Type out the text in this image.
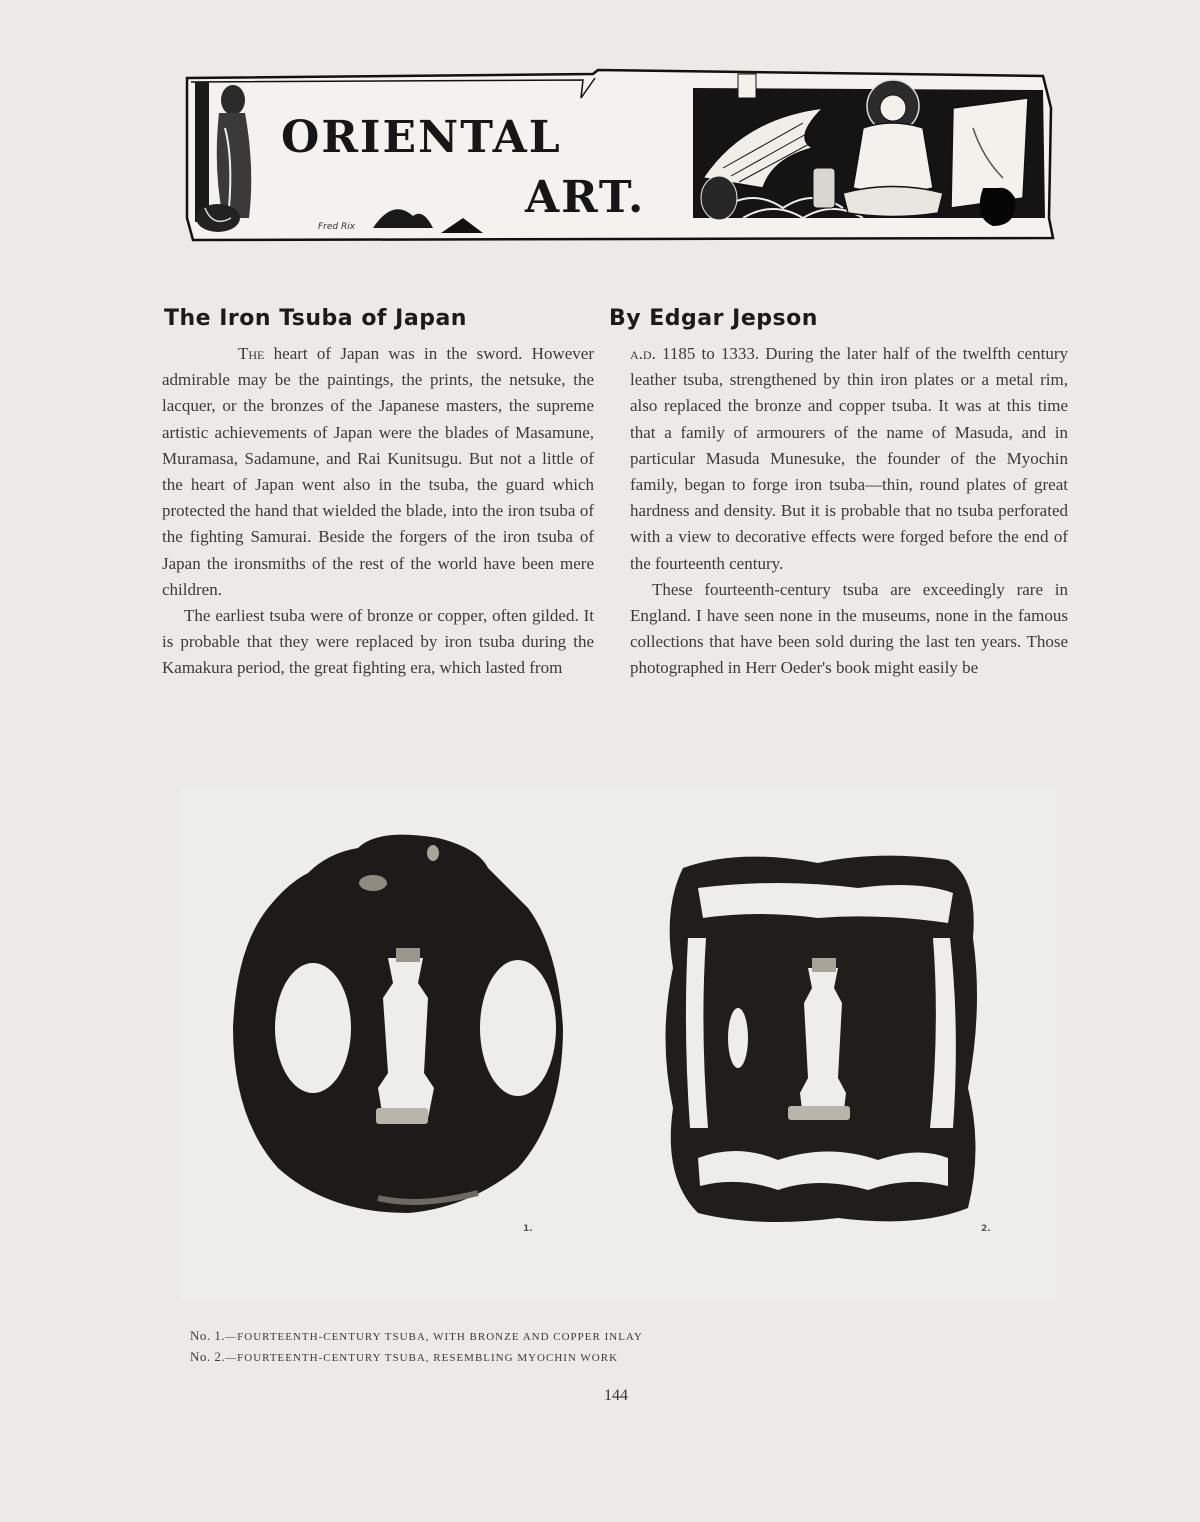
ORIENTAL
ART.
Fred Rix
The Iron Tsuba of Japan	By Edgar Jepson

The heart of Japan was in the sword. However admirable may be the paintings, the prints, the netsuke, the lacquer, or the bronzes of the Japanese masters, the supreme artistic achievements of Japan were the blades of Masamune, Muramasa, Sadamune, and Rai Kunitsugu. But not a little of the heart of Japan went also in the tsuba, the guard which protected the hand that wielded the blade, into the iron tsuba of the fighting Samurai. Beside the forgers of the iron tsuba of Japan the ironsmiths of the rest of the world have been mere children.

The earliest tsuba were of bronze or copper, often gilded. It is probable that they were replaced by iron tsuba during the Kamakura period, the great fighting era, which lasted from

a.d. 1185 to 1333. During the later half of the twelfth century leather tsuba, strengthened by thin iron plates or a metal rim, also replaced the bronze and copper tsuba. It was at this time that a family of armourers of the name of Masuda, and in particular Masuda Munesuke, the founder of the Myochin family, began to forge iron tsuba—thin, round plates of great hardness and density. But it is probable that no tsuba perforated with a view to decorative effects were forged before the end of the fourteenth century.

These fourteenth-century tsuba are exceedingly rare in England. I have seen none in the museums, none in the famous collections that have been sold during the last ten years. Those photographed in Herr Oeder's book might easily be

1.	2.

No. 1.—FOURTEENTH-CENTURY TSUBA, WITH BRONZE AND COPPER INLAY

No. 2.—FOURTEENTH-CENTURY TSUBA, RESEMBLING MYOCHIN WORK

144
